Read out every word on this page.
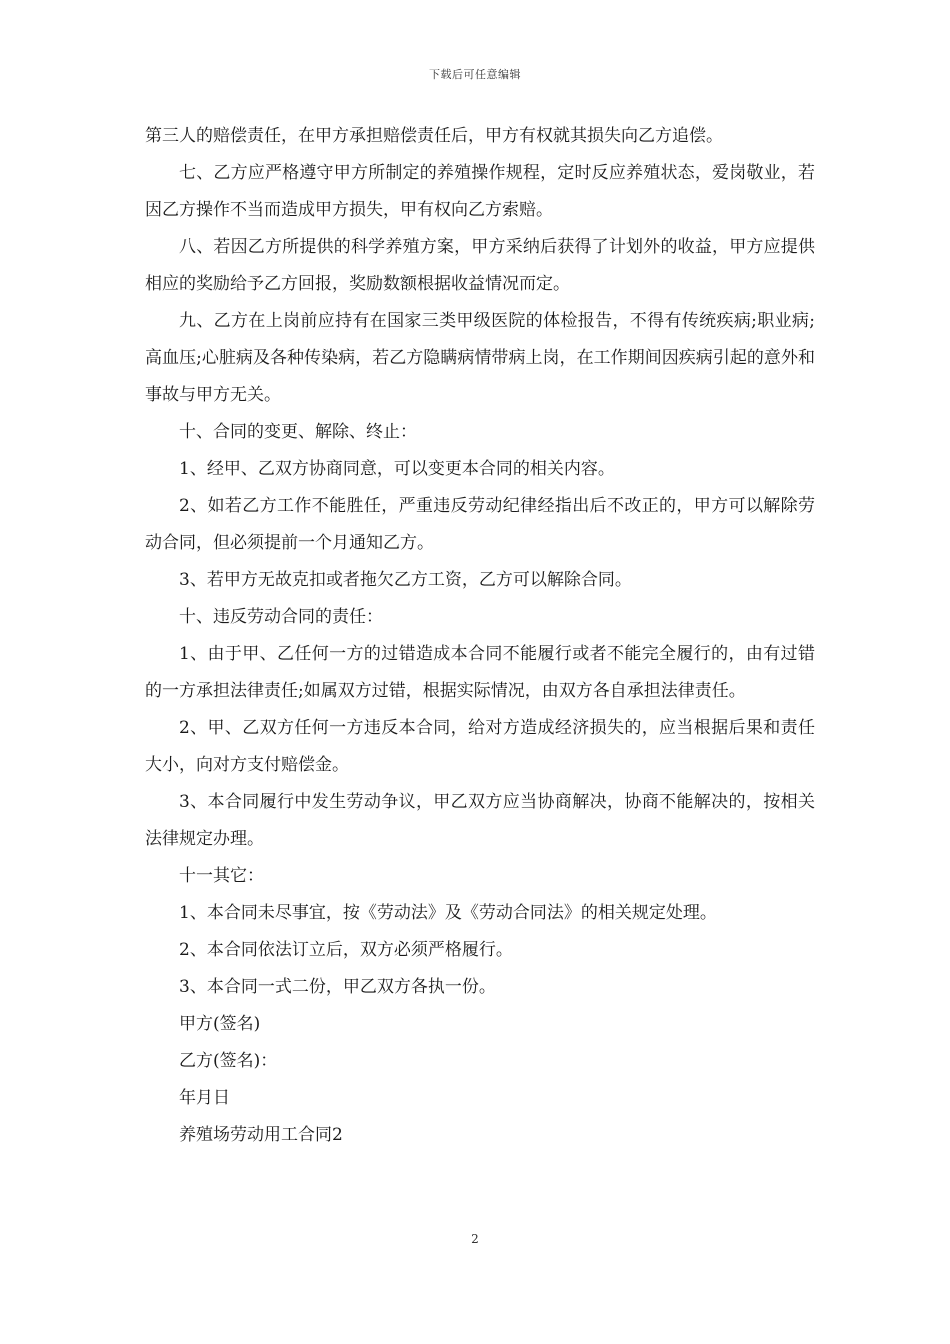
下载后可任意编辑

第三人的赔偿责任，在甲方承担赔偿责任后，甲方有权就其损失向乙方追偿。

七、乙方应严格遵守甲方所制定的养殖操作规程，定时反应养殖状态，爱岗敬业，若因乙方操作不当而造成甲方损失，甲有权向乙方索赔。

八、若因乙方所提供的科学养殖方案，甲方采纳后获得了计划外的收益，甲方应提供相应的奖励给予乙方回报，奖励数额根据收益情况而定。

九、乙方在上岗前应持有在国家三类甲级医院的体检报告，不得有传统疾病;职业病;高血压;心脏病及各种传染病，若乙方隐瞒病情带病上岗，在工作期间因疾病引起的意外和事故与甲方无关。

十、合同的变更、解除、终止：

1、经甲、乙双方协商同意，可以变更本合同的相关内容。

2、如若乙方工作不能胜任，严重违反劳动纪律经指出后不改正的，甲方可以解除劳动合同，但必须提前一个月通知乙方。

3、若甲方无故克扣或者拖欠乙方工资，乙方可以解除合同。

十、违反劳动合同的责任：

1、由于甲、乙任何一方的过错造成本合同不能履行或者不能完全履行的，由有过错的一方承担法律责任;如属双方过错，根据实际情况，由双方各自承担法律责任。

2、甲、乙双方任何一方违反本合同，给对方造成经济损失的，应当根据后果和责任大小，向对方支付赔偿金。

3、本合同履行中发生劳动争议，甲乙双方应当协商解决，协商不能解决的，按相关法律规定办理。

十一其它：

1、本合同未尽事宜，按《劳动法》及《劳动合同法》的相关规定处理。

2、本合同依法订立后，双方必须严格履行。

3、本合同一式二份，甲乙双方各执一份。

甲方(签名)

乙方(签名)：

年月日

养殖场劳动用工合同2

2
